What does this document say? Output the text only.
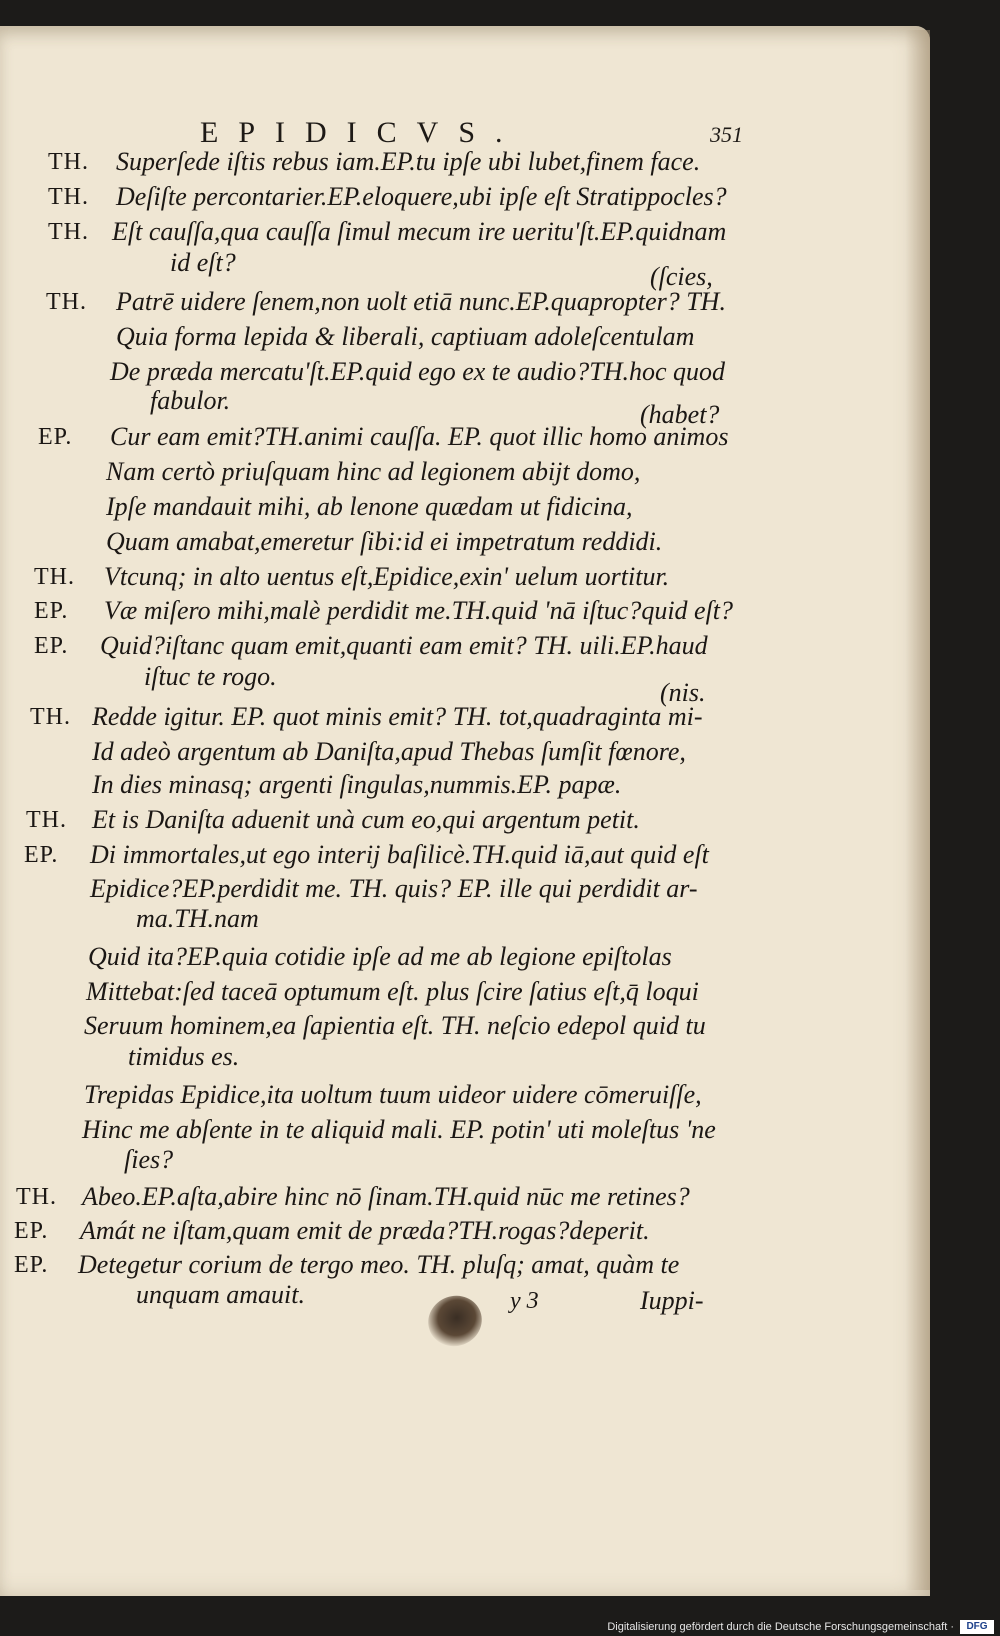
EPIDICVS.	351
TH. Superſede iſtis rebus iam.EP.tu ipſe ubi lubet,finem face.
TH. Deſiſte percontarier.EP.eloquere,ubi ipſe eſt Stratippocles?
TH. Eſt cauſſa,qua cauſſa ſimul mecum ire ueritu'ſt.EP.quidnam
id eſt?	(ſcies,
TH. Patrē uidere ſenem,non uolt etiā nunc.EP.quapropter? TH.
Quia forma lepida & liberali, captiuam adoleſcentulam
De præda mercatu'ſt.EP.quid ego ex te audio?TH.hoc quod
fabulor.	(habet?
EP. Cur eam emit?TH.animi cauſſa. EP. quot illic homo animos
Nam certò priuſquam hinc ad legionem abijt domo,
Ipſe mandauit mihi, ab lenone quædam ut fidicina,
Quam amabat,emeretur ſibi:id ei impetratum reddidi.
TH. Vtcunq; in alto uentus eſt,Epidice,exin' uelum uortitur.
EP. Væ miſero mihi,malè perdidit me.TH.quid 'nā iſtuc?quid eſt?
EP. Quid?iſtanc quam emit,quanti eam emit? TH. uili.EP.haud
iſtuc te rogo.
(nis.
TH. Redde igitur. EP. quot minis emit? TH. tot,quadraginta mi-
Id adeò argentum ab Daniſta,apud Thebas ſumſit fœnore,
In dies minasq; argenti ſingulas,nummis.EP. papæ.
TH. Et is Daniſta aduenit unà cum eo,qui argentum petit.
EP. Di immortales,ut ego interij baſilicè.TH.quid iā,aut quid eſt
Epidice?EP.perdidit me. TH. quis? EP. ille qui perdidit ar-
ma.TH.nam
Quid ita?EP.quia cotidie ipſe ad me ab legione epiſtolas
Mittebat:ſed taceā optumum eſt. plus ſcire ſatius eſt,q̄ loqui
Seruum hominem,ea ſapientia eſt. TH. neſcio edepol quid tu
timidus es.
Trepidas Epidice,ita uoltum tuum uideor uidere cōmeruiſſe,
Hinc me abſente in te aliquid mali. EP. potin' uti moleſtus 'ne
ſies?
TH. Abeo.EP.aſta,abire hinc nō ſinam.TH.quid nūc me retines?
EP. Amát ne iſtam,quam emit de præda?TH.rogas?deperit.
EP. Detegetur corium de tergo meo. TH. pluſq; amat, quàm te
unquam amauit.	y 3	Iuppi-
Digitalisierung gefördert durch die Deutsche Forschungsgemeinschaft ·	DFG
